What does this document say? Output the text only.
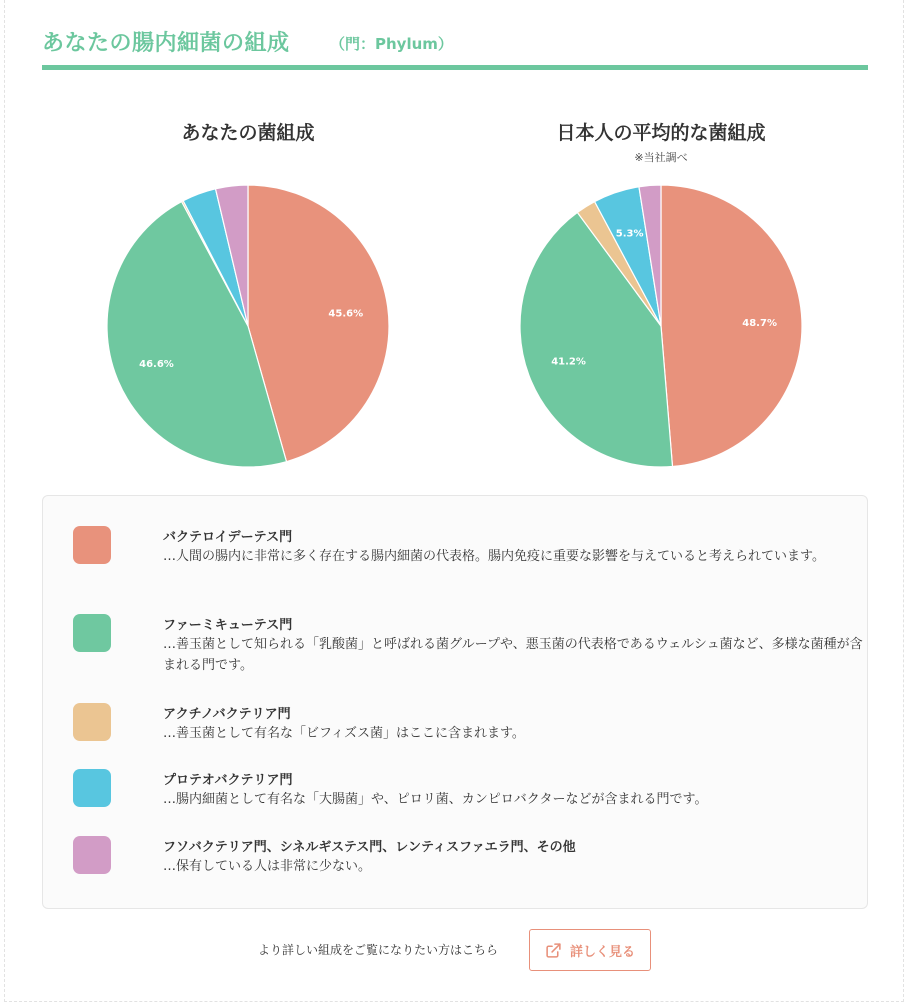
あなたの腸内細菌の組成	（門：Phylum）
あなたの菌組成
45.6%
46.6%
日本人の平均的な菌組成
※当社調べ
48.7%
41.2%
5.3%
バクテロイデーテス門
…人間の腸内に非常に多く存在する腸内細菌の代表格。腸内免疫に重要な影響を与えていると考えられています。
ファーミキューテス門
…善玉菌として知られる「乳酸菌」と呼ばれる菌グループや、悪玉菌の代表格であるウェルシュ菌など、多様な菌種が含まれる門です。
アクチノバクテリア門
…善玉菌として有名な「ビフィズス菌」はここに含まれます。
プロテオバクテリア門
…腸内細菌として有名な「大腸菌」や、ピロリ菌、カンピロバクターなどが含まれる門です。
フソバクテリア門、シネルギステス門、レンティスファエラ門、その他
…保有している人は非常に少ない。
より詳しい組成をご覧になりたい方はこちら	詳しく見る
